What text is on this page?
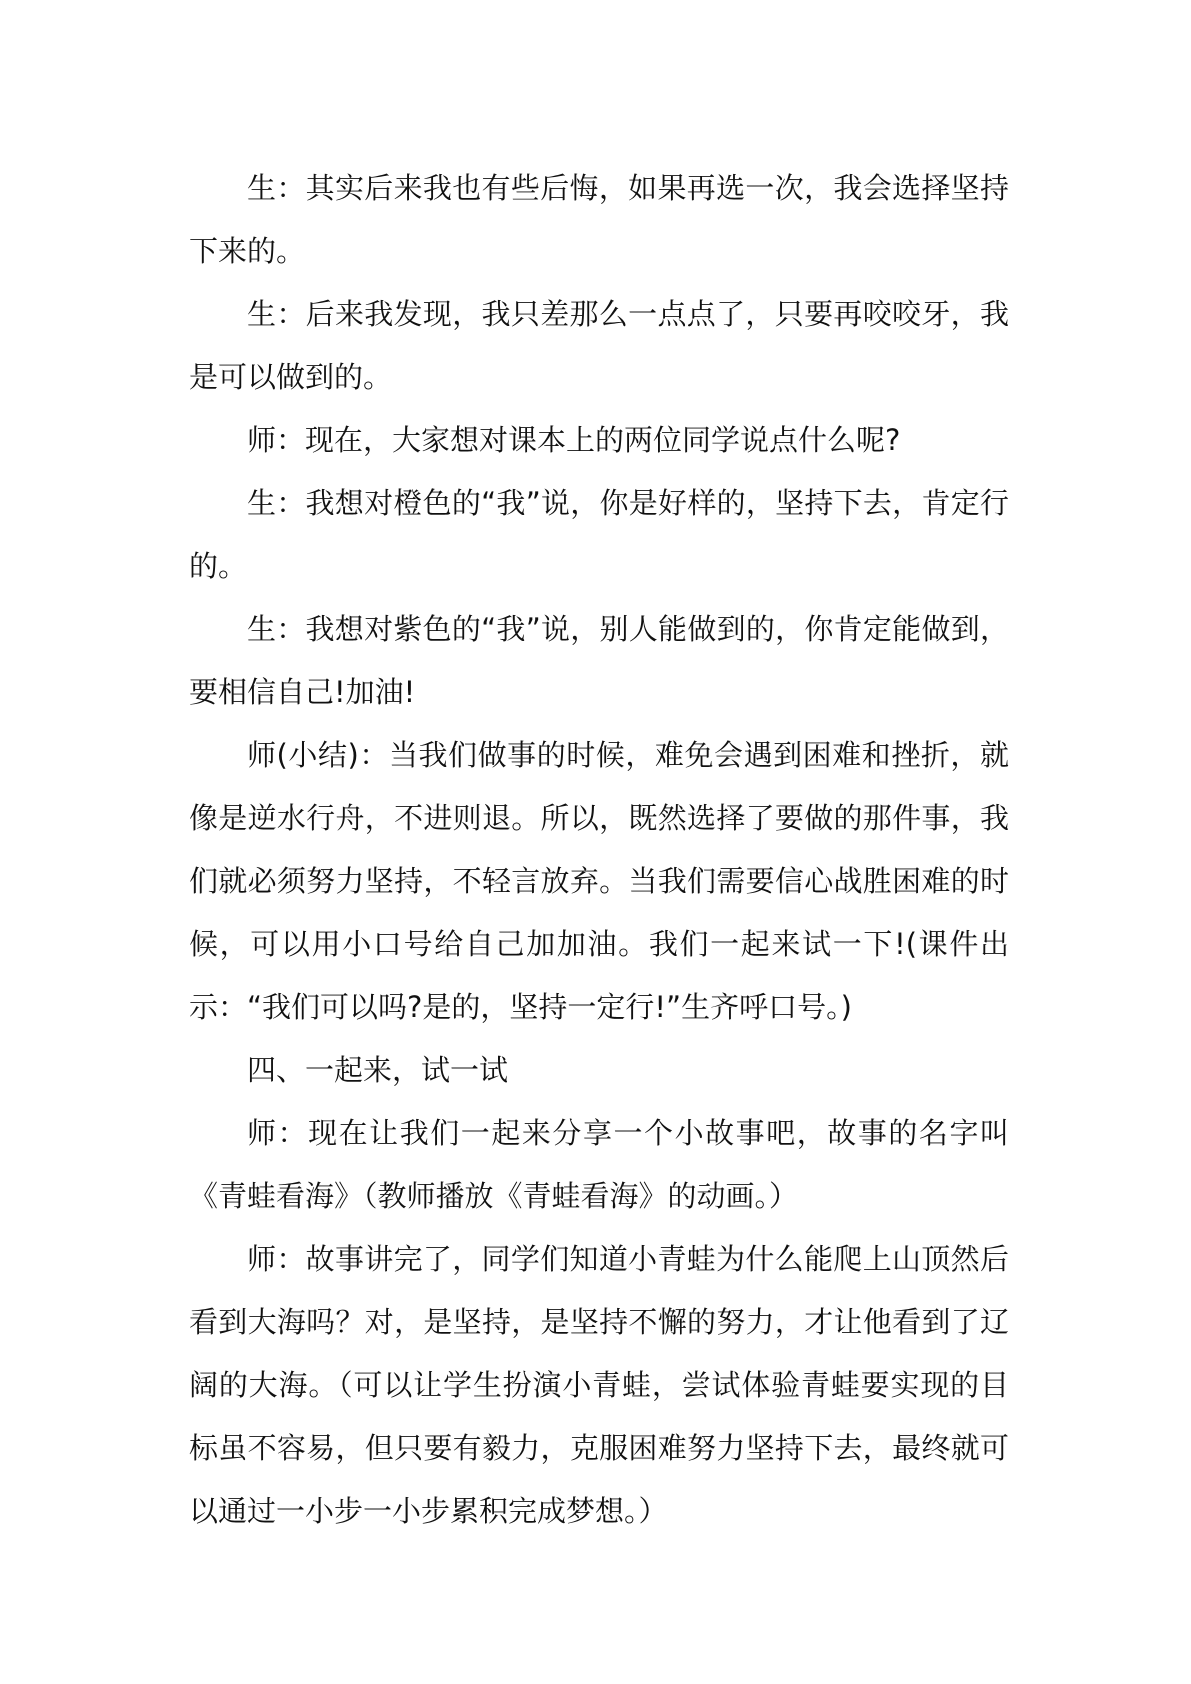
生：其实后来我也有些后悔，如果再选一次，我会选择坚持下来的。

生：后来我发现，我只差那么一点点了，只要再咬咬牙，我是可以做到的。

师：现在，大家想对课本上的两位同学说点什么呢?

生：我想对橙色的“我”说，你是好样的，坚持下去，肯定行的。

生：我想对紫色的“我”说，别人能做到的，你肯定能做到，要相信自己!加油!

师(小结)：当我们做事的时候，难免会遇到困难和挫折，就像是逆水行舟，不进则退。所以，既然选择了要做的那件事，我们就必须努力坚持，不轻言放弃。当我们需要信心战胜困难的时候，可以用小口号给自己加加油。我们一起来试一下!(课件出示：“我们可以吗?是的，坚持一定行!”生齐呼口号。)

四、一起来，试一试

师：现在让我们一起来分享一个小故事吧，故事的名字叫《青蛙看海》（教师播放《青蛙看海》的动画。）

师：故事讲完了，同学们知道小青蛙为什么能爬上山顶然后看到大海吗？对，是坚持，是坚持不懈的努力，才让他看到了辽阔的大海。（可以让学生扮演小青蛙，尝试体验青蛙要实现的目标虽不容易，但只要有毅力，克服困难努力坚持下去，最终就可以通过一小步一小步累积完成梦想。）
